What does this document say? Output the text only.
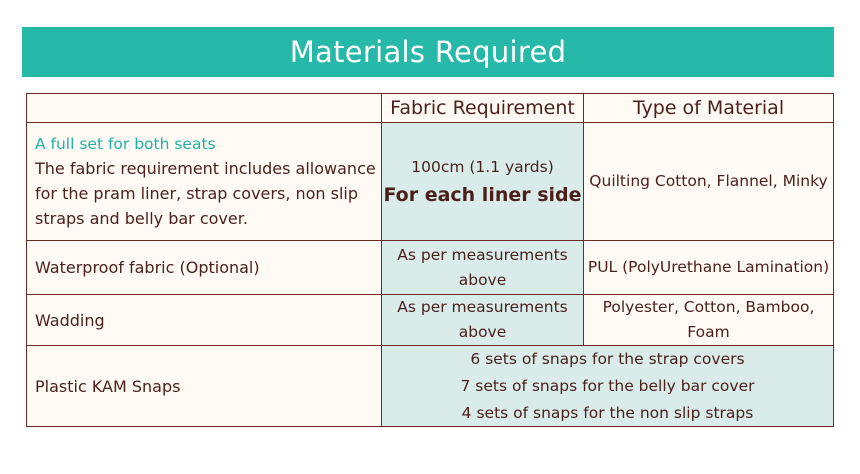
Materials Required
Fabric Requirement	Type of Material
A full set for both seats
The fabric requirement includes allowance for the pram liner, strap covers, non slip straps and belly bar cover.
100cm (1.1 yards)
For each liner side
Quilting Cotton, Flannel, Minky
Waterproof fabric (Optional)
As per measurements above
PUL (PolyUrethane Lamination)
Wadding
As per measurements above
Polyester, Cotton, Bamboo, Foam
Plastic KAM Snaps
6 sets of snaps for the strap covers
7 sets of snaps for the belly bar cover
4 sets of snaps for the non slip straps
